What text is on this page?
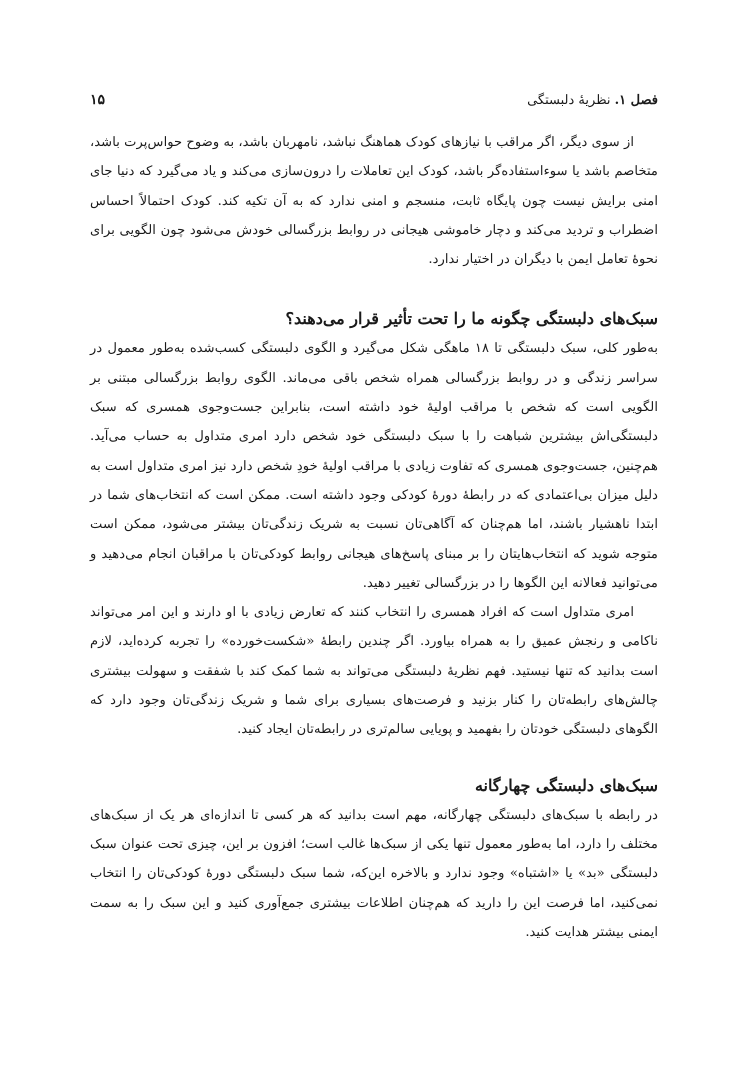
فصل ۱. نظریهٔ دلبستگی
۱۵

از سوی دیگر، اگر مراقب با نیازهای کودک هماهنگ نباشد، نامهربان باشد، به وضوح حواس‌پرت باشد، متخاصم باشد یا سوءاستفاده‌گر باشد، کودک این تعاملات را درون‌سازی می‌کند و یاد می‌گیرد که دنیا جای امنی برایش نیست چون پایگاه ثابت، منسجم و امنی ندارد که به آن تکیه کند. کودک احتمالاً احساس اضطراب و تردید می‌کند و دچار خاموشی هیجانی در روابط بزرگسالی خودش می‌شود چون الگویی برای نحوهٔ تعامل ایمن با دیگران در اختیار ندارد.

سبک‌های دلبستگی چگونه ما را تحت تأثیر قرار می‌دهند؟

به‌طور کلی، سبک دلبستگی تا ۱۸ ماهگی شکل می‌گیرد و الگوی دلبستگی کسب‌شده به‌طور معمول در سراسر زندگی و در روابط بزرگسالی همراه شخص باقی می‌ماند. الگوی روابط بزرگسالی مبتنی بر الگویی است که شخص با مراقب اولیهٔ خود داشته است، بنابراین جست‌وجوی همسری که سبک دلبستگی‌اش بیشترین شباهت را با سبک دلبستگی خود شخص دارد امری متداول به حساب می‌آید. هم‌چنین، جست‌وجوی همسری که تفاوت زیادی با مراقب اولیهٔ خودِ شخص دارد نیز امری متداول است به دلیل میزان بی‌اعتمادی که در رابطهٔ دورهٔ کودکی وجود داشته است. ممکن است که انتخاب‌های شما در ابتدا ناهشیار باشند، اما هم‌چنان که آگاهی‌تان نسبت به شریک زندگی‌تان بیشتر می‌شود، ممکن است متوجه شوید که انتخاب‌هایتان را بر مبنای پاسخ‌های هیجانی روابط کودکی‌تان با مراقبان انجام می‌دهید و می‌توانید فعالانه این الگوها را در بزرگسالی تغییر دهید.

امری متداول است که افراد همسری را انتخاب کنند که تعارض زیادی با او دارند و این امر می‌تواند ناکامی و رنجش عمیق را به همراه بیاورد. اگر چندین رابطهٔ «شکست‌خورده» را تجربه کرده‌اید، لازم است بدانید که تنها نیستید. فهم نظریهٔ دلبستگی می‌تواند به شما کمک کند با شفقت و سهولت بیشتری چالش‌های رابطه‌تان را کنار بزنید و فرصت‌های بسیاری برای شما و شریک زندگی‌تان وجود دارد که الگوهای دلبستگی خودتان را بفهمید و پویایی سالم‌تری در رابطه‌تان ایجاد کنید.

سبک‌های دلبستگی چهارگانه

در رابطه با سبک‌های دلبستگی چهارگانه، مهم است بدانید که هر کسی تا اندازه‌ای هر یک از سبک‌های مختلف را دارد، اما به‌طور معمول تنها یکی از سبک‌ها غالب است؛ افزون بر این، چیزی تحت عنوان سبک دلبستگی «بد» یا «اشتباه» وجود ندارد و بالاخره این‌که، شما سبک دلبستگی دورهٔ کودکی‌تان را انتخاب نمی‌کنید، اما فرصت این را دارید که هم‌چنان اطلاعات بیشتری جمع‌آوری کنید و این سبک را به سمت ایمنی بیشتر هدایت کنید.
